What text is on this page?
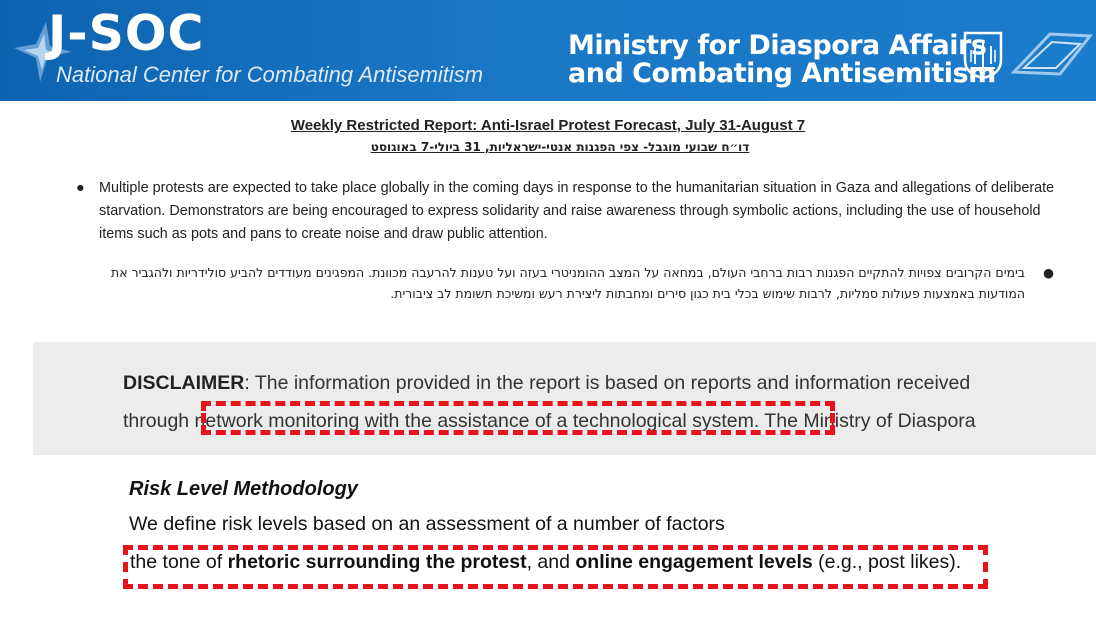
J-SOC
National Center for Combating Antisemitism
Ministry for Diaspora Affairs
and Combating Antisemitism
Weekly Restricted Report: Anti-Israel Protest Forecast, July 31-August 7
דו״ח שבועי מוגבל- צפי הפגנות אנטי-ישראליות, 31 ביולי-7 באוגוסט
● Multiple protests are expected to take place globally in the coming days in response to the humanitarian situation in Gaza and allegations of deliberate starvation. Demonstrators are being encouraged to express solidarity and raise awareness through symbolic actions, including the use of household items such as pots and pans to create noise and draw public attention.
●
בימים הקרובים צפויות להתקיים הפגנות רבות ברחבי העולם, במחאה על המצב ההומניטרי בעזה ועל טענות להרעבה מכוונת. המפגינים מעודדים להביע סולידריות ולהגביר את המודעות באמצעות פעולות סמליות, לרבות שימוש בכלי בית כגון סירים ומחבתות ליצירת רעש ומשיכת תשומת לב ציבורית.
DISCLAIMER: The information provided in the report is based on reports and information received
through network monitoring with the assistance of a technological system. The Ministry of Diaspora
Risk Level Methodology
We define risk levels based on an assessment of a number of factors
the tone of rhetoric surrounding the protest, and online engagement levels (e.g., post likes).
